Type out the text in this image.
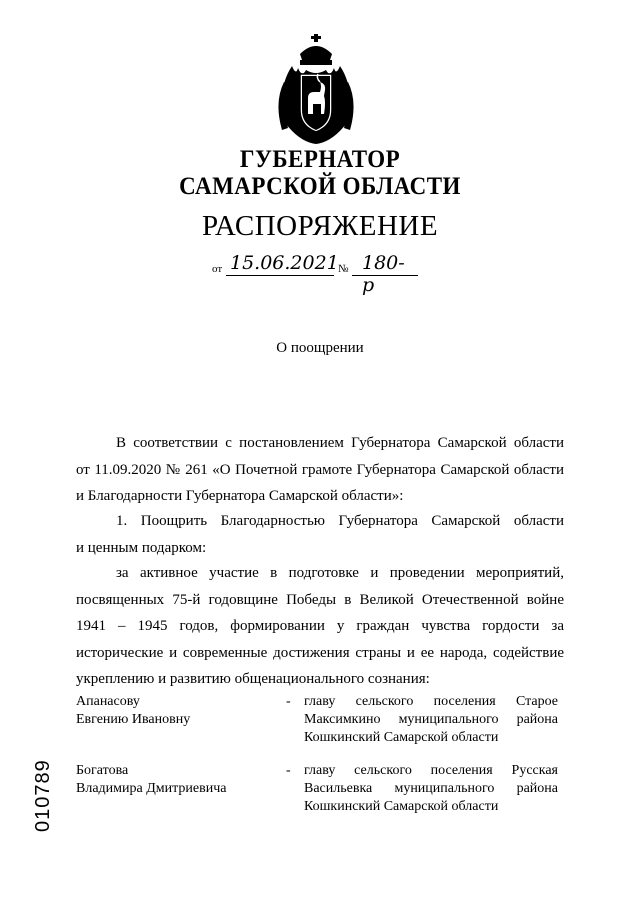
ГУБЕРНАТОР
САМАРСКОЙ ОБЛАСТИ
РАСПОРЯЖЕНИЕ
от 15.06.2021 № 180-р
О поощрении
В соответствии с постановлением Губернатора Самарской области
от 11.09.2020 № 261 «О Почетной грамоте Губернатора Самарской области
и Благодарности Губернатора Самарской области»:
1. Поощрить Благодарностью Губернатора Самарской области
и ценным подарком:
за активное участие в подготовке и проведении мероприятий,
посвященных 75-й годовщине Победы в Великой Отечественной войне
1941 – 1945 годов, формировании у граждан чувства гордости за
исторические и современные достижения страны и ее народа, содействие
укреплению и развитию общенационального сознания:
Апанасову
Евгению Ивановну
- главу сельского поселения Старое
Максимкино муниципального района
Кошкинский Самарской области
Богатова
Владимира Дмитриевича
- главу сельского поселения Русская
Васильевка муниципального района
Кошкинский Самарской области
010789
